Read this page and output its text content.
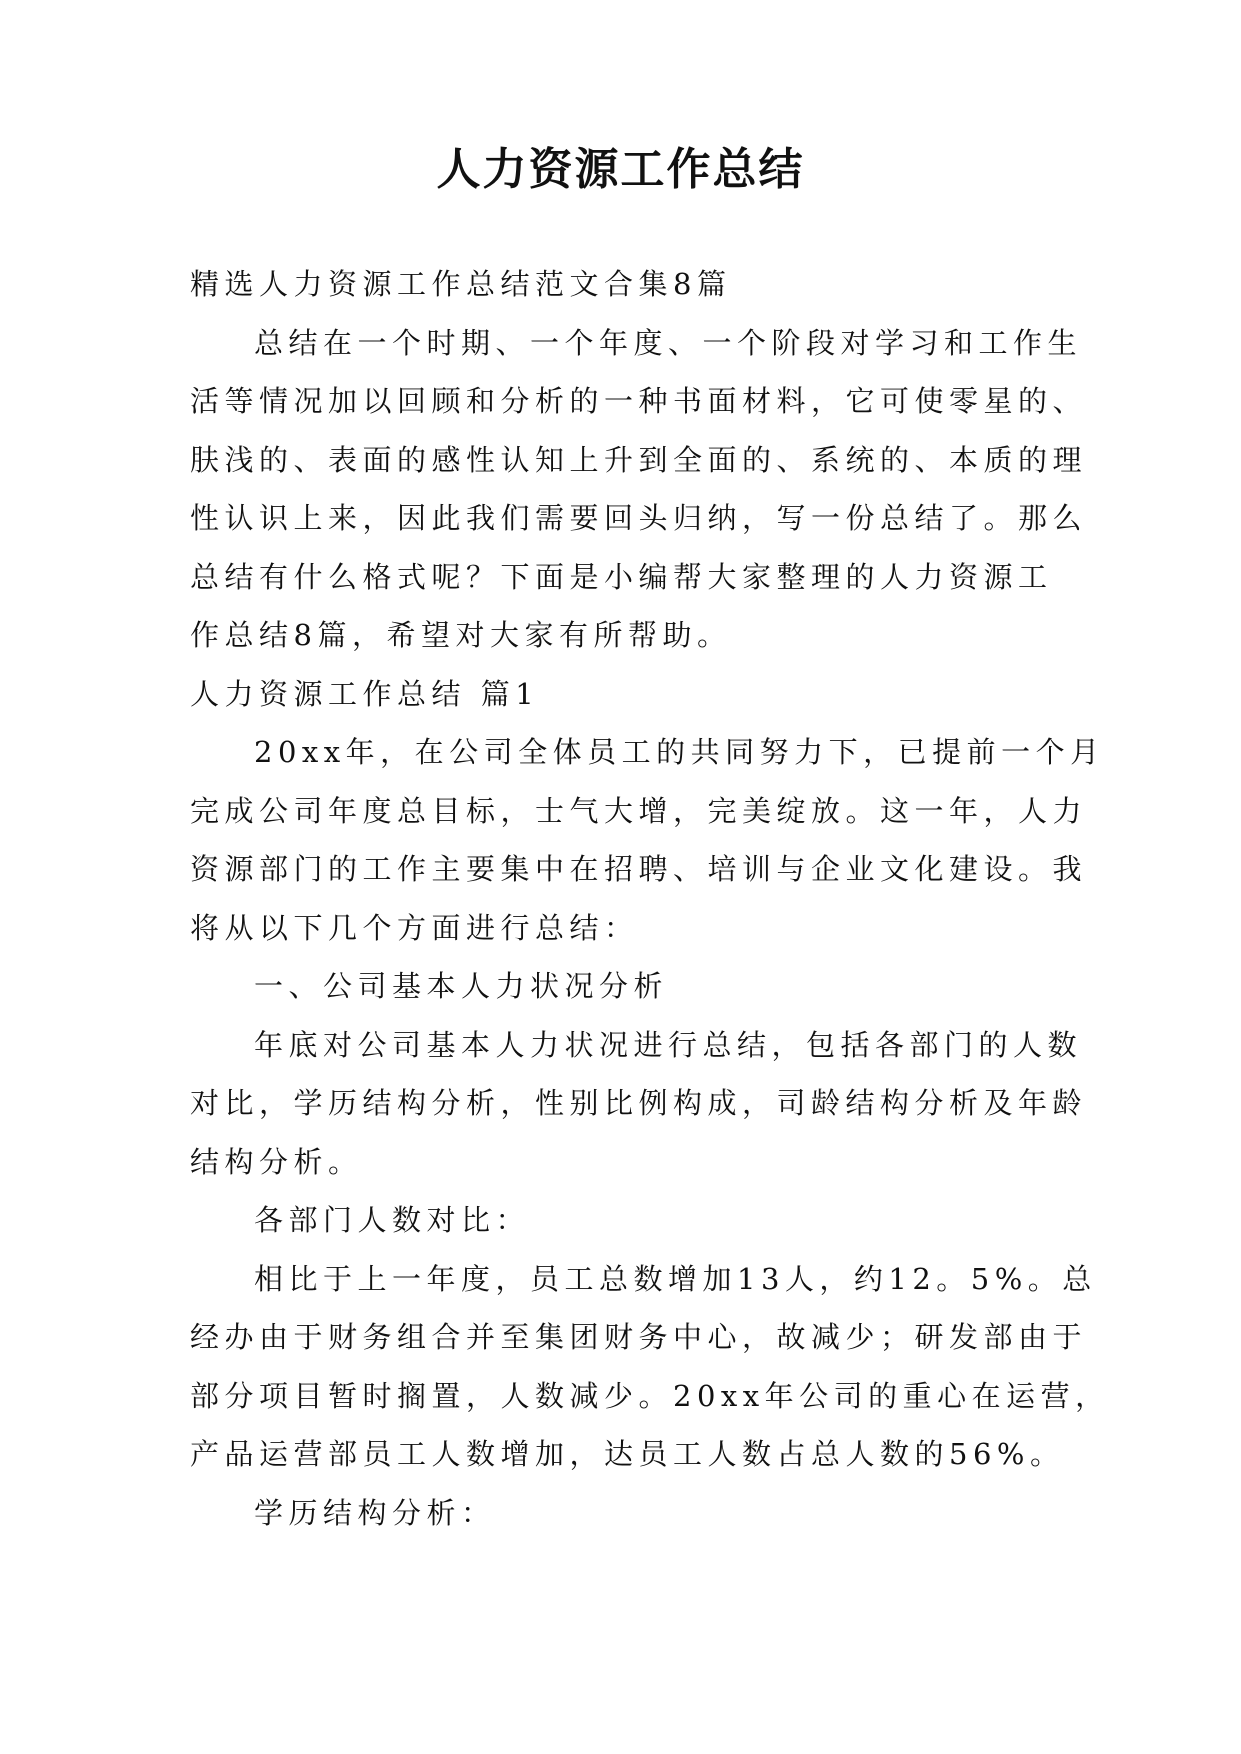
人力资源工作总结
精选人力资源工作总结范文合集8篇
总结在一个时期、一个年度、一个阶段对学习和工作生
活等情况加以回顾和分析的一种书面材料，它可使零星的、
肤浅的、表面的感性认知上升到全面的、系统的、本质的理
性认识上来，因此我们需要回头归纳，写一份总结了。那么
总结有什么格式呢？下面是小编帮大家整理的人力资源工
作总结8篇，希望对大家有所帮助。
人力资源工作总结 篇1
20xx年，在公司全体员工的共同努力下，已提前一个月
完成公司年度总目标，士气大增，完美绽放。这一年，人力
资源部门的工作主要集中在招聘、培训与企业文化建设。我
将从以下几个方面进行总结：
一、公司基本人力状况分析
年底对公司基本人力状况进行总结，包括各部门的人数
对比，学历结构分析，性别比例构成，司龄结构分析及年龄
结构分析。
各部门人数对比：
相比于上一年度，员工总数增加13人，约12。5%。总
经办由于财务组合并至集团财务中心，故减少；研发部由于
部分项目暂时搁置，人数减少。20xx年公司的重心在运营，
产品运营部员工人数增加，达员工人数占总人数的56%。
学历结构分析：
